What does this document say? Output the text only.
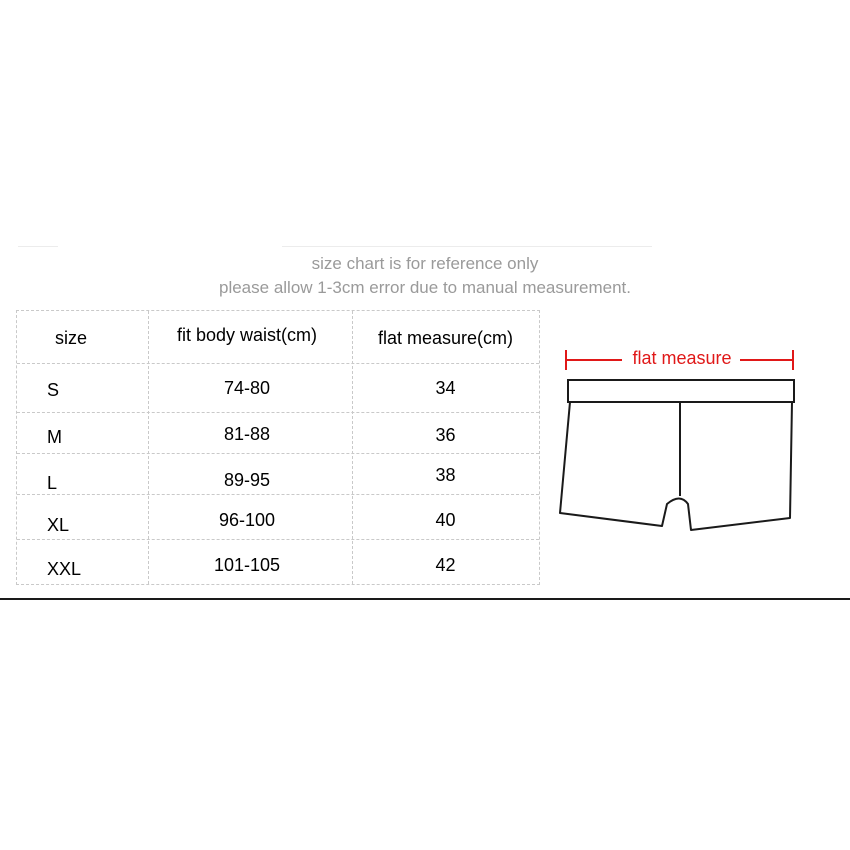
size chart is for reference only
please allow 1-3cm error due to manual measurement.
size	fit body waist(cm)	flat measure(cm)
S	74-80	34
M	81-88	36
L	89-95	38
XL	96-100	40
XXL	101-105	42
flat measure
